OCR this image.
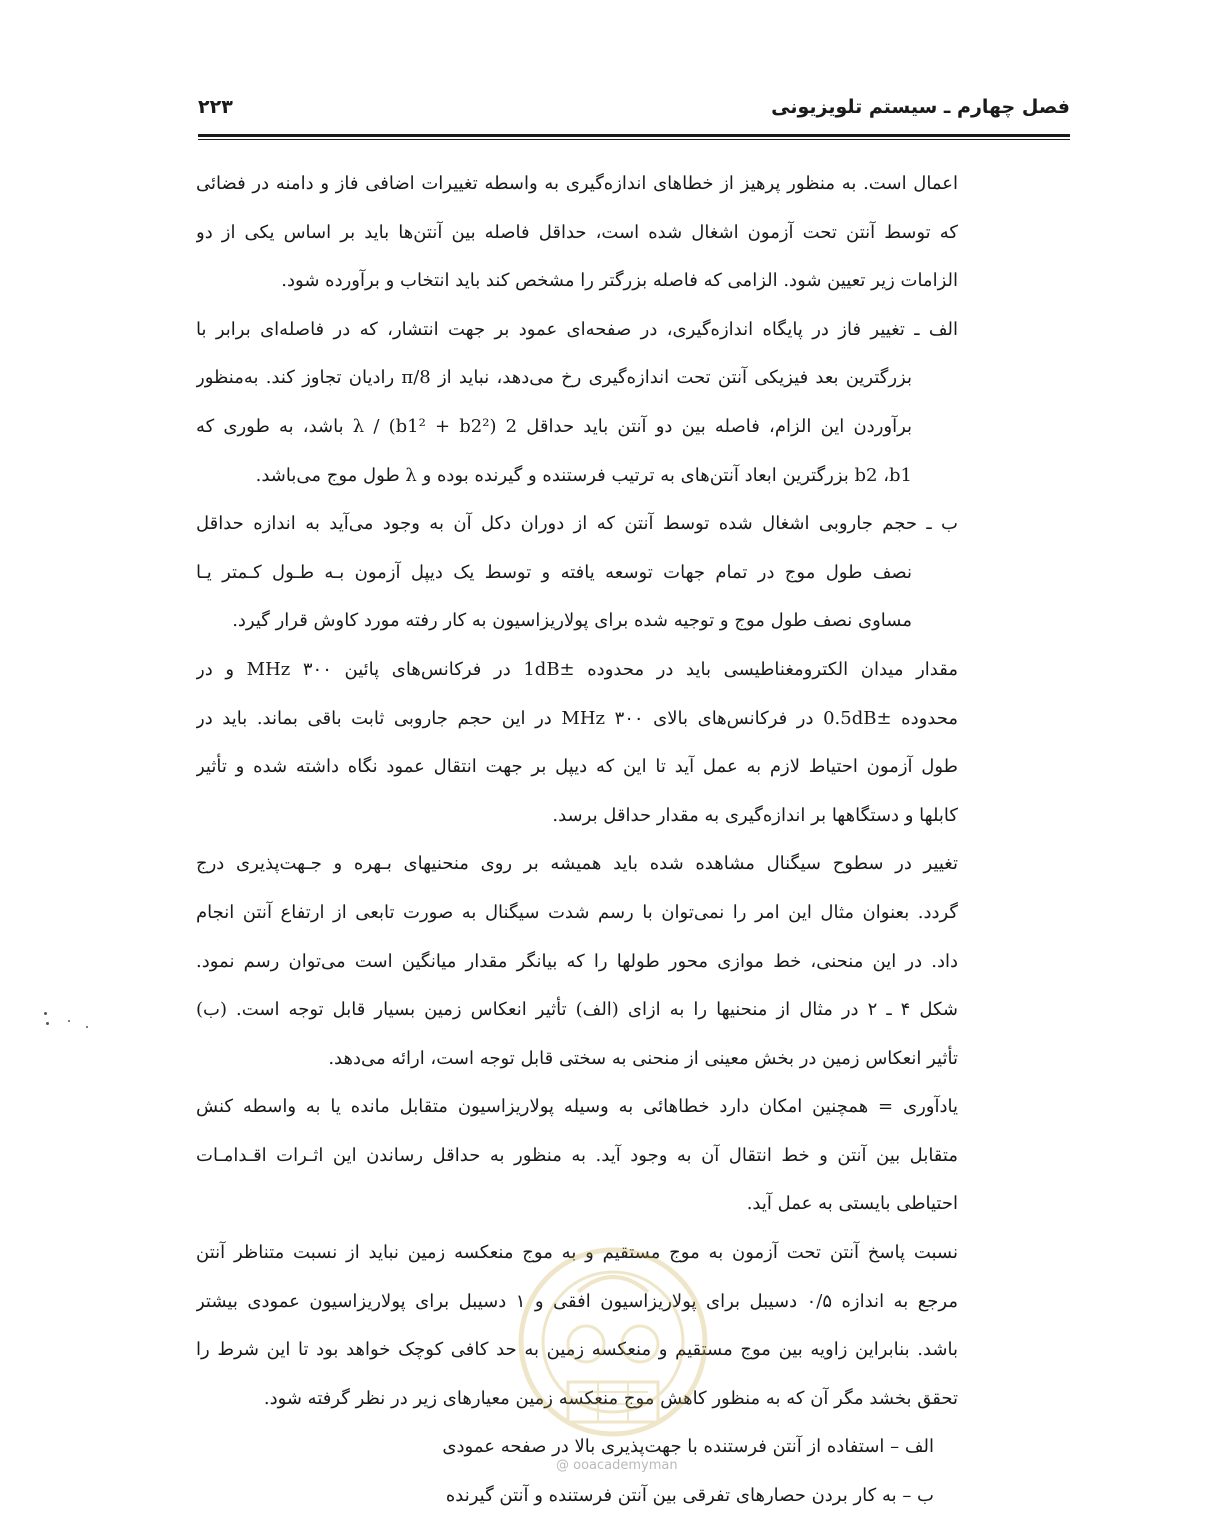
فصل چهارم ـ سیستم تلویزیونی
۲۲۳
اعمال است. به منظور پرهیز از خطاهای اندازه‌گیری به واسطه تغییرات اضافی فاز و دامنه در فضائی
که توسط آنتن تحت آزمون اشغال شده است، حداقل فاصله بین آنتن‌ها باید بر اساس یکی از دو
الزامات زیر تعیین شود. الزامی که فاصله بزرگتر را مشخص کند باید انتخاب و برآورده شود.
الف ـ تغییر فاز در پایگاه اندازه‌گیری، در صفحه‌ای عمود بر جهت انتشار، که در فاصله‌ای برابر با
بزرگترین بعد فیزیکی آنتن تحت اندازه‌گیری رخ می‌دهد، نباید از π/8 رادیان تجاوز کند. به‌منظور
برآوردن این الزام، فاصله بین دو آنتن باید حداقل 2 (b1² + b2²) / λ باشد، به طوری که
b2 ،b1 بزرگترین ابعاد آنتن‌های به ترتیب فرستنده و گیرنده بوده و λ طول موج می‌باشد.
ب ـ حجم جاروبی اشغال شده توسط آنتن که از دوران دکل آن به وجود می‌آید به اندازه حداقل
نصف طول موج در تمام جهات توسعه یافته و توسط یک دیپل آزمون بـه طـول کـمتر یـا
مساوی نصف طول موج و توجیه شده برای پولاریزاسیون به کار رفته مورد کاوش قرار گیرد.
مقدار میدان الکترومغناطیسی باید در محدوده ±1dB در فرکانس‌های پائین ۳۰۰ MHz و در
محدوده ±0.5dB در فرکانس‌های بالای ۳۰۰ MHz در این حجم جاروبی ثابت باقی بماند. باید در
طول آزمون احتیاط لازم به عمل آید تا این که دیپل بر جهت انتقال عمود نگاه داشته شده و تأثیر
کابلها و دستگاهها بر اندازه‌گیری به مقدار حداقل برسد.
تغییر در سطوح سیگنال مشاهده شده باید همیشه بر روی منحنیهای بـهره و جـهت‌پذیری درج
گردد. بعنوان مثال این امر را نمی‌توان با رسم شدت سیگنال به صورت تابعی از ارتفاع آنتن انجام
داد. در این منحنی، خط موازی محور طولها را که بیانگر مقدار میانگین است می‌توان رسم نمود.
شکل ۴ ـ ۲ در مثال از منحنیها را به ازای (الف) تأثیر انعکاس زمین بسیار قابل توجه است. (ب)
تأثیر انعکاس زمین در بخش معینی از منحنی به سختی قابل توجه است، ارائه می‌دهد.
یادآوری = همچنین امکان دارد خطاهائی به وسیله پولاریزاسیون متقابل مانده یا به واسطه کنش
متقابل بین آنتن و خط انتقال آن به وجود آید. به منظور به حداقل رساندن این اثـرات اقـدامـات
احتیاطی بایستی به عمل آید.
نسبت پاسخ آنتن تحت آزمون به موج مستقیم و به موج منعکسه زمین نباید از نسبت متناظر آنتن
مرجع به اندازه ۰/۵ دسیبل برای پولاریزاسیون افقی و ۱ دسیبل برای پولاریزاسیون عمودی بیشتر
باشد. بنابراین زاویه بین موج مستقیم و منعکسه زمین به حد کافی کوچک خواهد بود تا این شرط را
تحقق بخشد مگر آن که به منظور کاهش موج منعکسه زمین معیارهای زیر در نظر گرفته شود.
الف – استفاده از آنتن فرستنده با جهت‌پذیری بالا در صفحه عمودی
ب – به کار بردن حصارهای تفرقی بین آنتن فرستنده و آنتن گیرنده
@ ooacademyman
